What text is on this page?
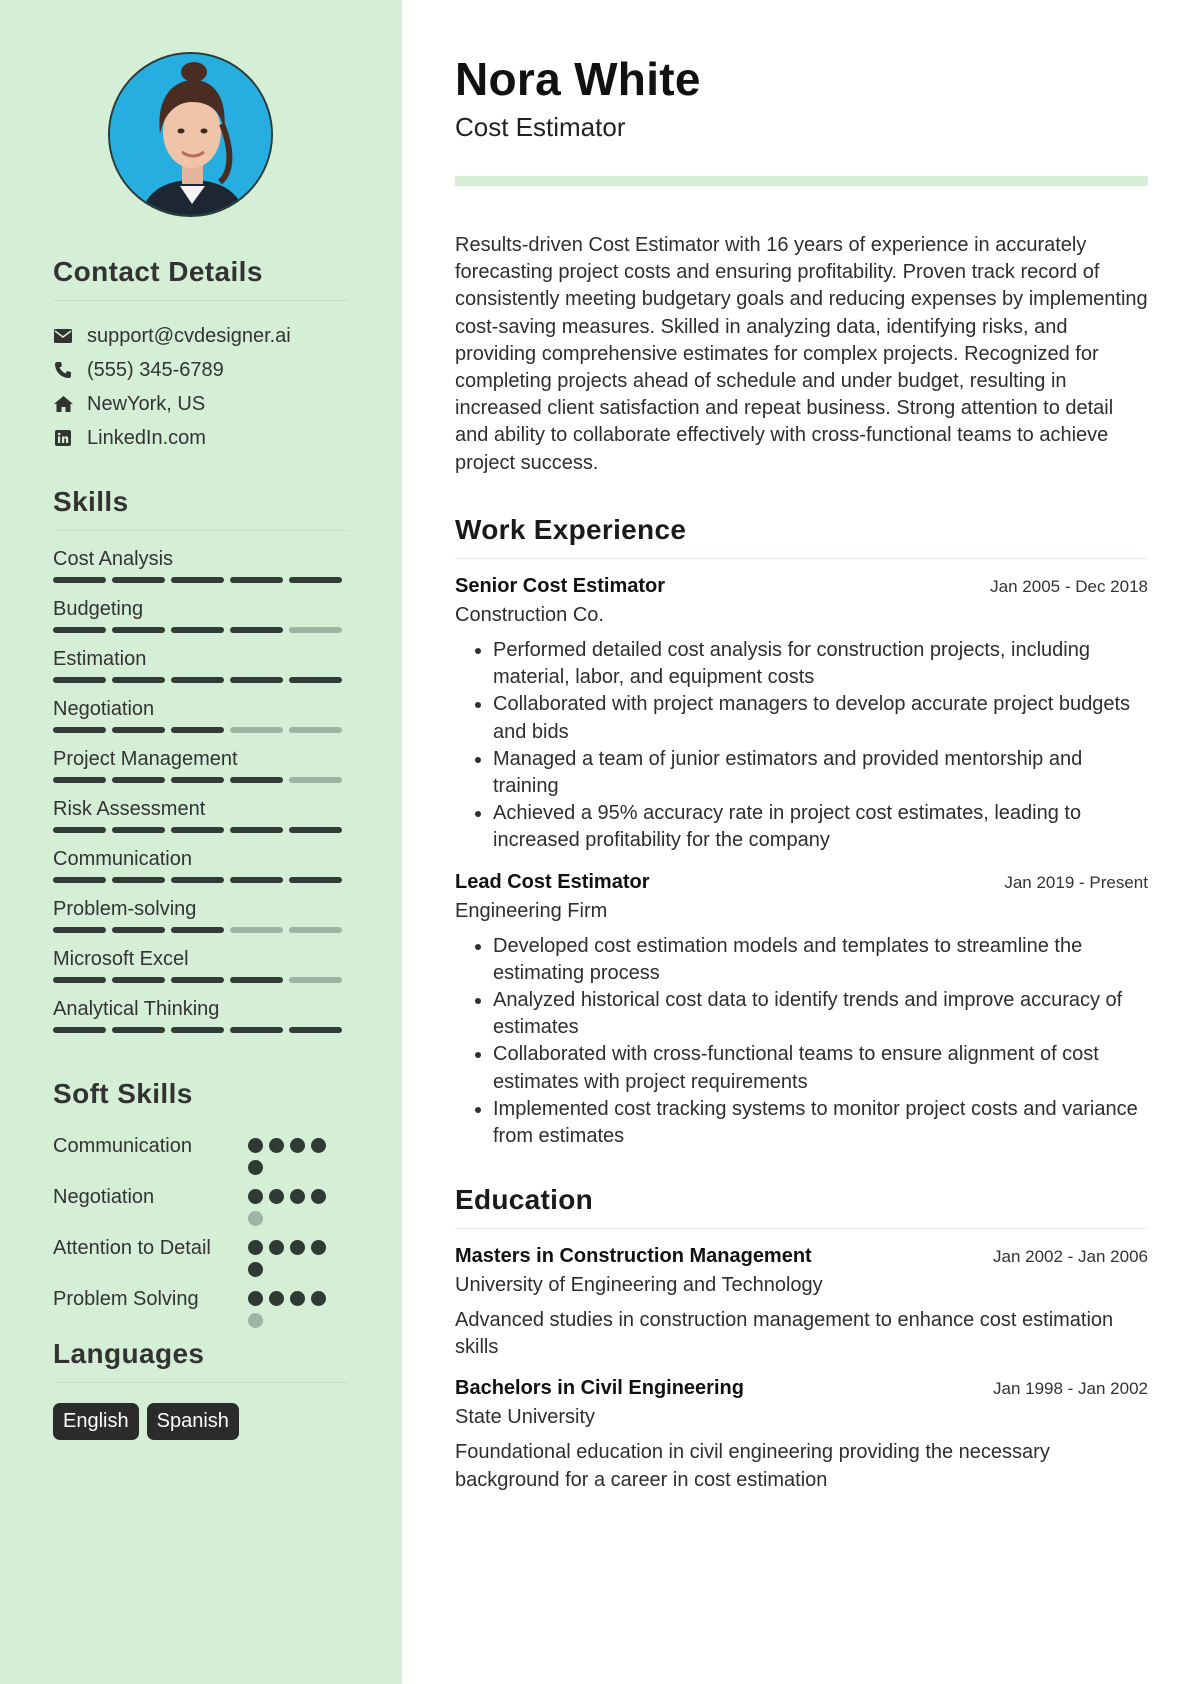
Contact Details
support@cvdesigner.ai
(555) 345-6789
NewYork, US
LinkedIn.com
Skills
Cost Analysis
Budgeting
Estimation
Negotiation
Project Management
Risk Assessment
Communication
Problem-solving
Microsoft Excel
Analytical Thinking
Soft Skills
Communication
Negotiation
Attention to Detail
Problem Solving
Languages
English	Spanish
Nora White
Cost Estimator

Results-driven Cost Estimator with 16 years of experience in accurately forecasting project costs and ensuring profitability. Proven track record of consistently meeting budgetary goals and reducing expenses by implementing cost-saving measures. Skilled in analyzing data, identifying risks, and providing comprehensive estimates for complex projects. Recognized for completing projects ahead of schedule and under budget, resulting in increased client satisfaction and repeat business. Strong attention to detail and ability to collaborate effectively with cross-functional teams to achieve project success.

Work Experience
Senior Cost Estimator	Jan 2005 - Dec 2018
Construction Co.
• Performed detailed cost analysis for construction projects, including material, labor, and equipment costs
• Collaborated with project managers to develop accurate project budgets and bids
• Managed a team of junior estimators and provided mentorship and training
• Achieved a 95% accuracy rate in project cost estimates, leading to increased profitability for the company
Lead Cost Estimator	Jan 2019 - Present
Engineering Firm
• Developed cost estimation models and templates to streamline the estimating process
• Analyzed historical cost data to identify trends and improve accuracy of estimates
• Collaborated with cross-functional teams to ensure alignment of cost estimates with project requirements
• Implemented cost tracking systems to monitor project costs and variance from estimates
Education
Masters in Construction Management	Jan 2002 - Jan 2006
University of Engineering and Technology

Advanced studies in construction management to enhance cost estimation skills

Bachelors in Civil Engineering	Jan 1998 - Jan 2002
State University

Foundational education in civil engineering providing the necessary background for a career in cost estimation
